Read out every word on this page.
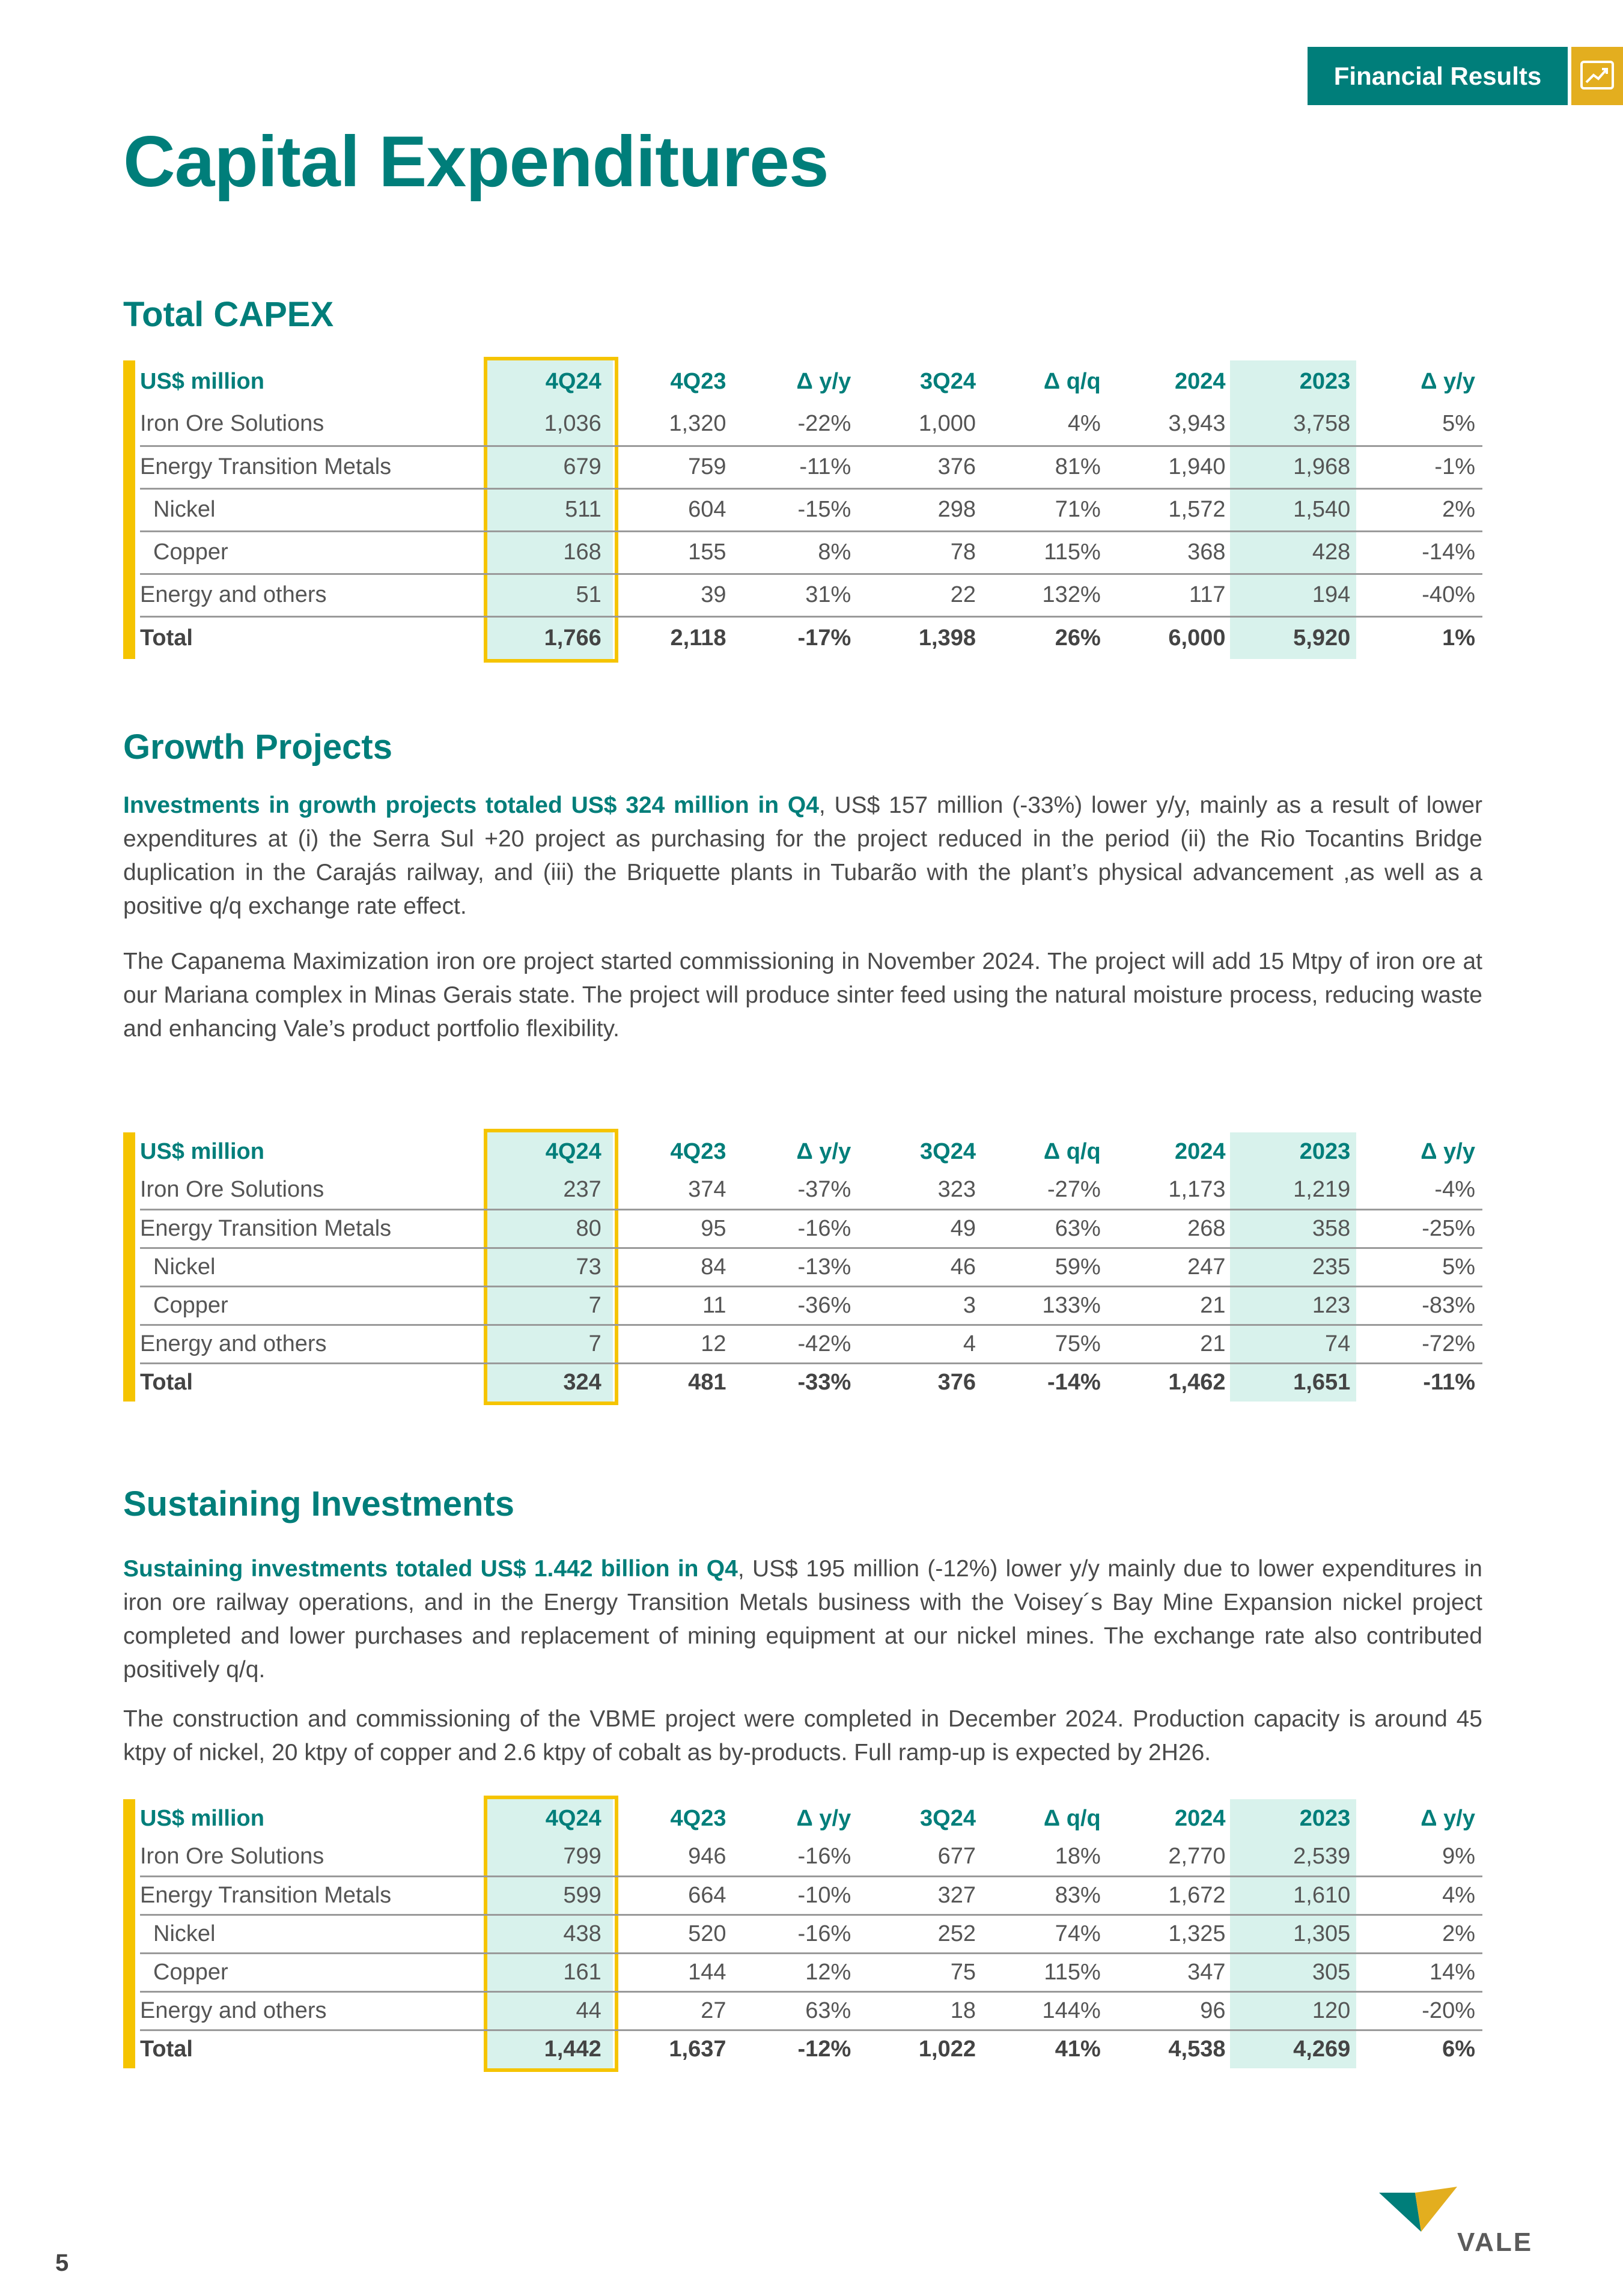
Financial Results
Capital Expenditures
Total CAPEX
US$ million	4Q24	4Q23	Δ y/y	3Q24	Δ q/q	2024	2023	Δ y/y
Iron Ore Solutions	1,036	1,320	-22%	1,000	4%	3,943	3,758	5%
Energy Transition Metals	679	759	-11%	376	81%	1,940	1,968	-1%
Nickel	511	604	-15%	298	71%	1,572	1,540	2%
Copper	168	155	8%	78	115%	368	428	-14%
Energy and others	51	39	31%	22	132%	117	194	-40%
Total	1,766	2,118	-17%	1,398	26%	6,000	5,920	1%
Growth Projects

Investments in growth projects totaled US$ 324 million in Q4, US$ 157 million (-33%) lower y/y, mainly as a result of lower expenditures at (i) the Serra Sul +20 project as purchasing for the project reduced in the period (ii) the Rio Tocantins Bridge duplication in the Carajás railway, and (iii) the Briquette plants in Tubarão with the plant’s physical advancement ,as well as a positive q/q exchange rate effect.

The Capanema Maximization iron ore project started commissioning in November 2024. The project will add 15 Mtpy of iron ore at our Mariana complex in Minas Gerais state. The project will produce sinter feed using the natural moisture process, reducing waste and enhancing Vale’s product portfolio flexibility.

US$ million	4Q24	4Q23	Δ y/y	3Q24	Δ q/q	2024	2023	Δ y/y
Iron Ore Solutions	237	374	-37%	323	-27%	1,173	1,219	-4%
Energy Transition Metals	80	95	-16%	49	63%	268	358	-25%
Nickel	73	84	-13%	46	59%	247	235	5%
Copper	7	11	-36%	3	133%	21	123	-83%
Energy and others	7	12	-42%	4	75%	21	74	-72%
Total	324	481	-33%	376	-14%	1,462	1,651	-11%
Sustaining Investments

Sustaining investments totaled US$ 1.442 billion in Q4, US$ 195 million (-12%) lower y/y mainly due to lower expenditures in iron ore railway operations, and in the Energy Transition Metals business with the Voisey´s Bay Mine Expansion nickel project completed and lower purchases and replacement of mining equipment at our nickel mines. The exchange rate also contributed positively q/q.

The construction and commissioning of the VBME project were completed in December 2024. Production capacity is around 45 ktpy of nickel, 20 ktpy of copper and 2.6 ktpy of cobalt as by-products. Full ramp-up is expected by 2H26.

US$ million	4Q24	4Q23	Δ y/y	3Q24	Δ q/q	2024	2023	Δ y/y
Iron Ore Solutions	799	946	-16%	677	18%	2,770	2,539	9%
Energy Transition Metals	599	664	-10%	327	83%	1,672	1,610	4%
Nickel	438	520	-16%	252	74%	1,325	1,305	2%
Copper	161	144	12%	75	115%	347	305	14%
Energy and others	44	27	63%	18	144%	96	120	-20%
Total	1,442	1,637	-12%	1,022	41%	4,538	4,269	6%
5
VALE
